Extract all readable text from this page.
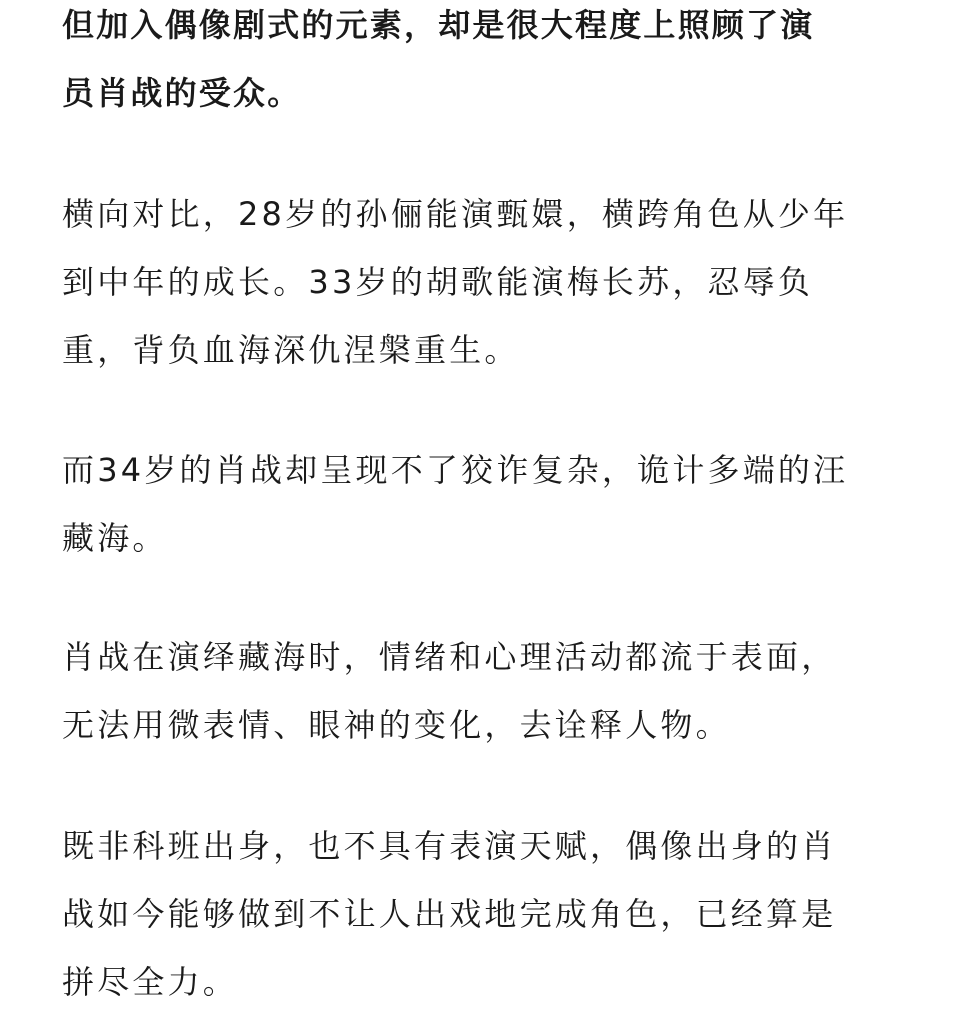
但加入偶像剧式的元素，却是很大程度上照顾了演
员肖战的受众。

横向对比，28岁的孙俪能演甄嬛，横跨角色从少年
到中年的成长。33岁的胡歌能演梅长苏，忍辱负
重，背负血海深仇涅槃重生。

而34岁的肖战却呈现不了狡诈复杂，诡计多端的汪
藏海。

肖战在演绎藏海时，情绪和心理活动都流于表面，
无法用微表情、眼神的变化，去诠释人物。

既非科班出身，也不具有表演天赋，偶像出身的肖
战如今能够做到不让人出戏地完成角色，已经算是
拼尽全力。
